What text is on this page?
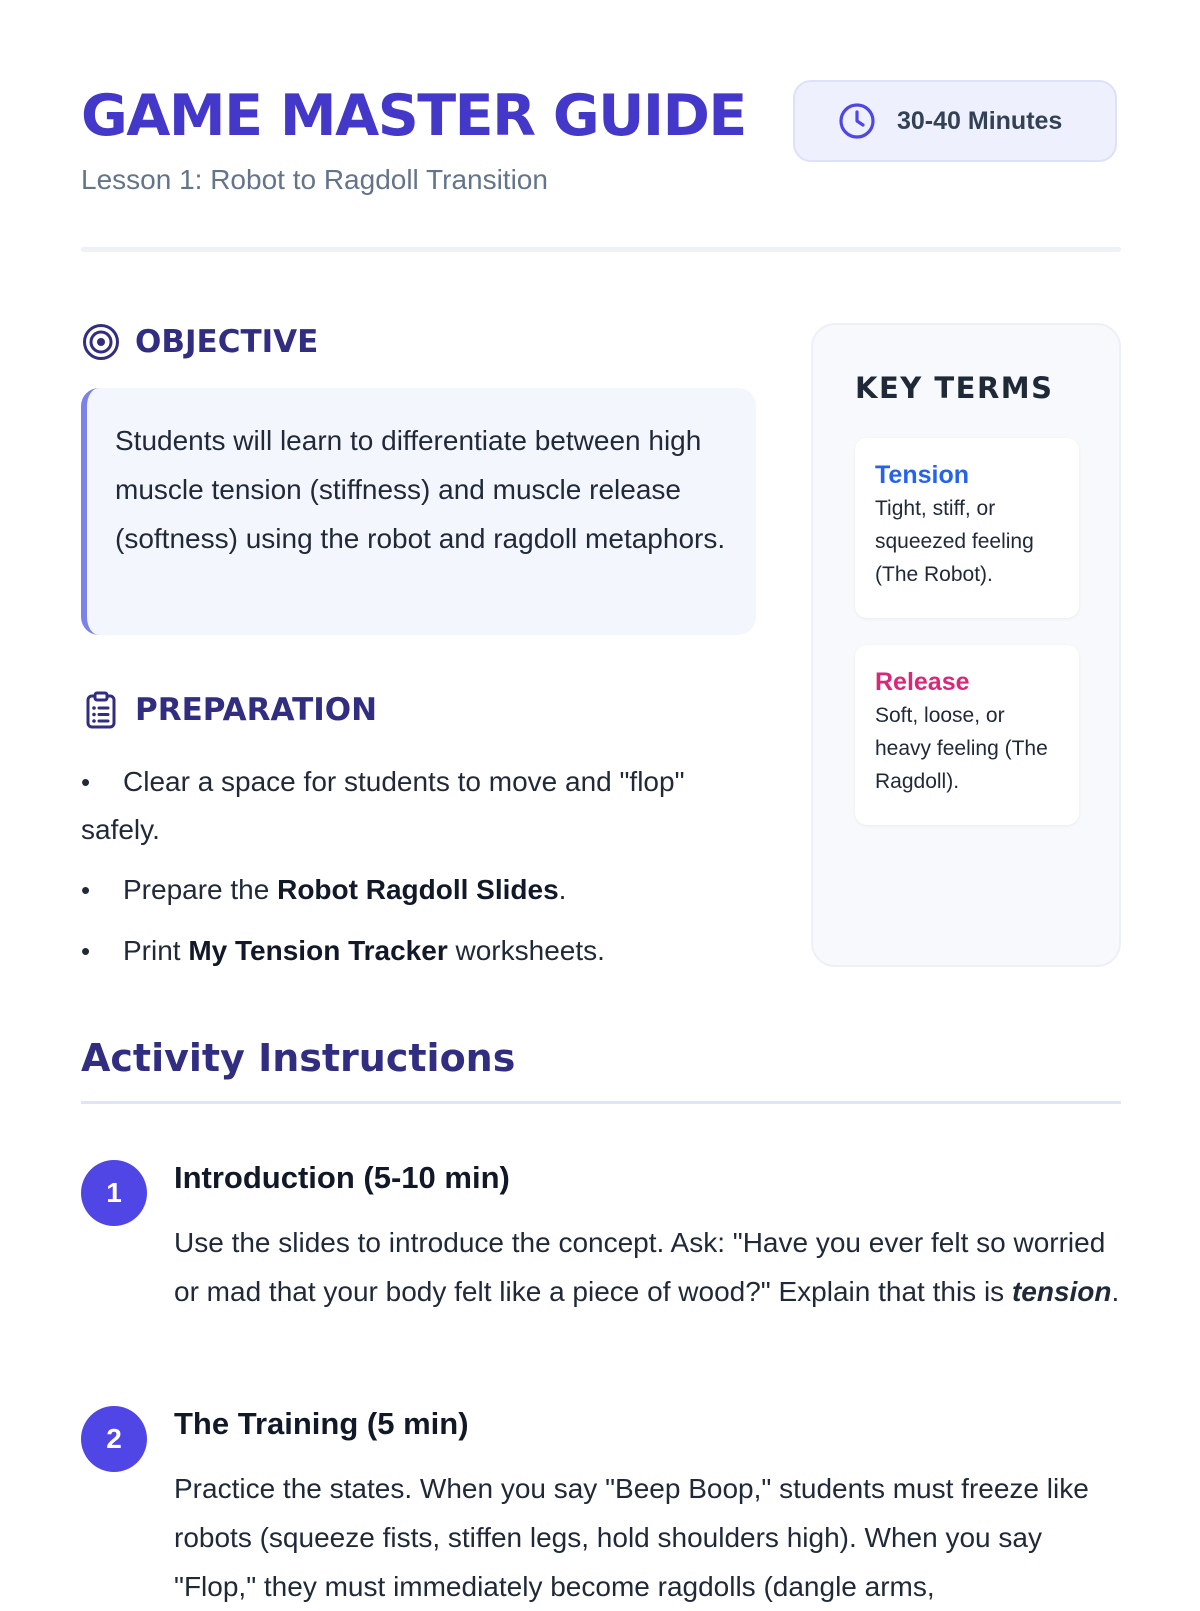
GAME MASTER GUIDE
Lesson 1: Robot to Ragdoll Transition
30-40 Minutes
OBJECTIVE

Students will learn to differentiate between high muscle tension (stiffness) and muscle release (softness) using the robot and ragdoll metaphors.

PREPARATION
• Clear a space for students to move and "flop" safely.
• Prepare the Robot Ragdoll Slides.
• Print My Tension Tracker worksheets.
KEY TERMS
Tension
Tight, stiff, or squeezed feeling (The Robot).
Release
Soft, loose, or heavy feeling (The Ragdoll).
Activity Instructions
1	Introduction (5-10 min)

Use the slides to introduce the concept. Ask: "Have you ever felt so worried or mad that your body felt like a piece of wood?" Explain that this is tension.

2	The Training (5 min)

Practice the states. When you say "Beep Boop," students must freeze like robots (squeeze fists, stiffen legs, hold shoulders high). When you say "Flop," they must immediately become ragdolls (dangle arms,
